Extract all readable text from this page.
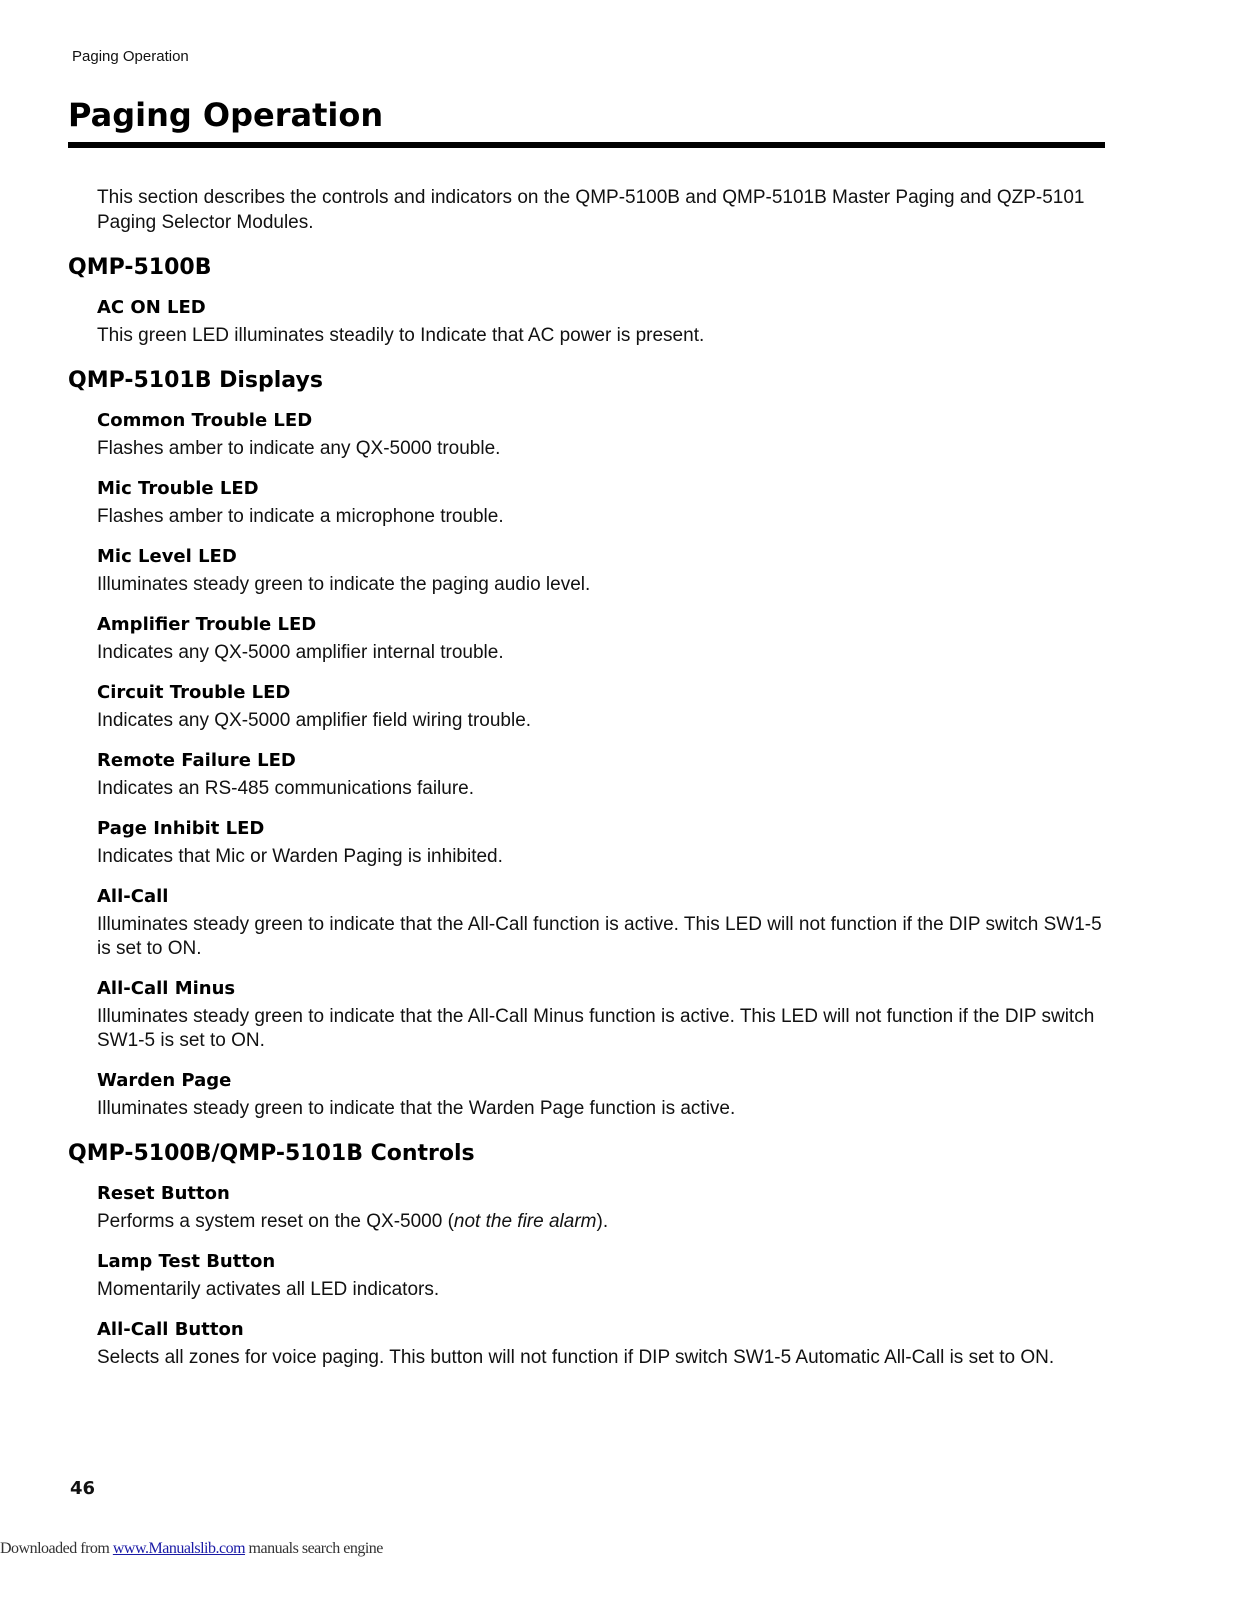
Paging Operation
Paging Operation

This section describes the controls and indicators on the QMP-5100B and QMP-5101B Master Paging and QZP-5101 Paging Selector Modules.

QMP-5100B
AC ON LED

This green LED illuminates steadily to Indicate that AC power is present.

QMP-5101B Displays
Common Trouble LED

Flashes amber to indicate any QX-5000 trouble.

Mic Trouble LED

Flashes amber to indicate a microphone trouble.

Mic Level LED

Illuminates steady green to indicate the paging audio level.

Amplifier Trouble LED

Indicates any QX-5000 amplifier internal trouble.

Circuit Trouble LED

Indicates any QX-5000 amplifier field wiring trouble.

Remote Failure LED

Indicates an RS-485 communications failure.

Page Inhibit LED

Indicates that Mic or Warden Paging is inhibited.

All-Call

Illuminates steady green to indicate that the All-Call function is active. This LED will not function if the DIP switch SW1-5 is set to ON.

All-Call Minus

Illuminates steady green to indicate that the All-Call Minus function is active. This LED will not function if the DIP switch SW1-5 is set to ON.

Warden Page

Illuminates steady green to indicate that the Warden Page function is active.

QMP-5100B/QMP-5101B Controls
Reset Button

Performs a system reset on the QX-5000 (not the fire alarm).

Lamp Test Button

Momentarily activates all LED indicators.

All-Call Button

Selects all zones for voice paging. This button will not function if DIP switch SW1-5 Automatic All-Call is set to ON.

46
Downloaded from www.Manualslib.com manuals search engine
